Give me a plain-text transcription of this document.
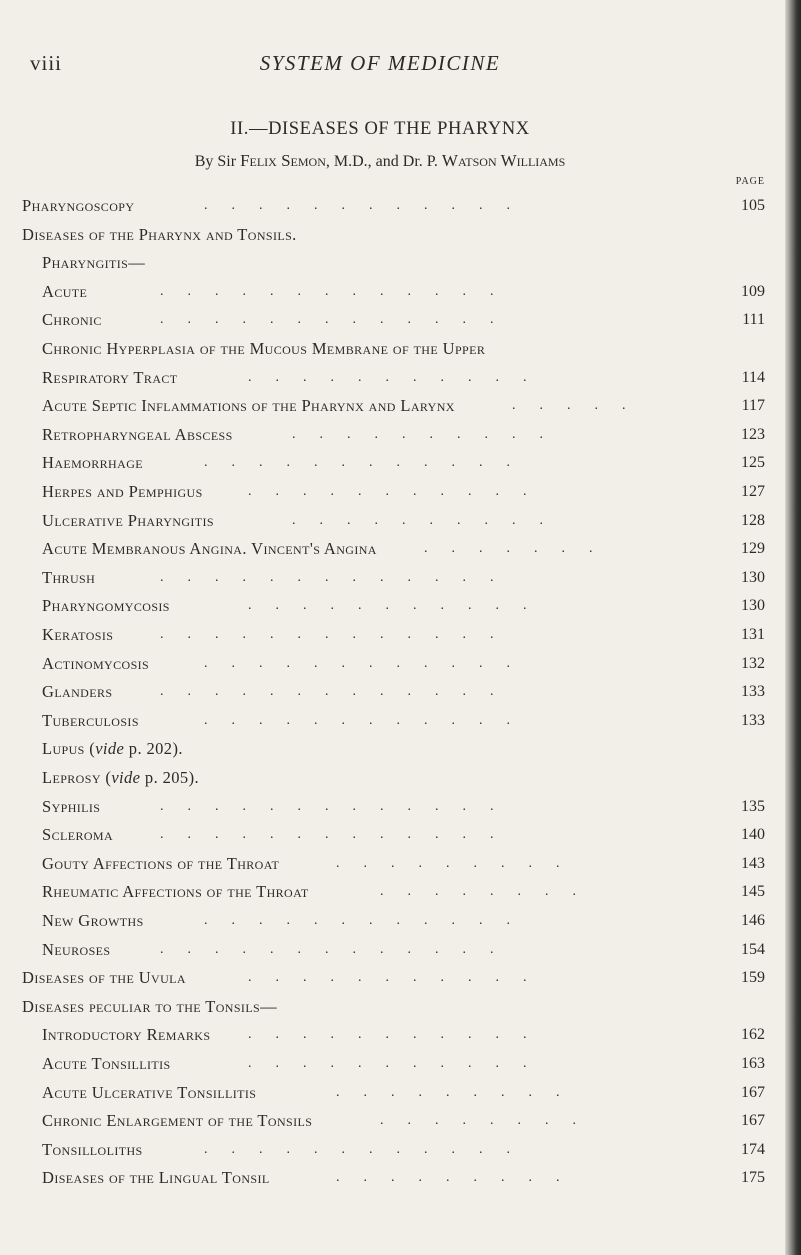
SYSTEM OF MEDICINE
viii
II.—DISEASES OF THE PHARYNX
By Sir Felix Semon, M.D., and Dr. P. Watson Williams
PAGE
Pharyngoscopy	............	105
Diseases of the Pharynx and Tonsils.
Pharyngitis—
Acute	.............	109
Chronic	.............	111
Chronic Hyperplasia of the Mucous Membrane of the Upper
Respiratory Tract	...........	114
Acute Septic Inflammations of the Pharynx and Larynx	.....	117
Retropharyngeal Abscess	..........	123
Haemorrhage	............	125
Herpes and Pemphigus	...........	127
Ulcerative Pharyngitis	..........	128
Acute Membranous Angina. Vincent's Angina	.......	129
Thrush	.............	130
Pharyngomycosis	...........	130
Keratosis	.............	131
Actinomycosis	............	132
Glanders	.............	133
Tuberculosis	............	133
Lupus (vide p. 202).
Leprosy (vide p. 205).
Syphilis	.............	135
Scleroma	.............	140
Gouty Affections of the Throat	.........	143
Rheumatic Affections of the Throat	........	145
New Growths	............	146
Neuroses	.............	154
Diseases of the Uvula	...........	159
Diseases peculiar to the Tonsils—
Introductory Remarks	...........	162
Acute Tonsillitis	...........	163
Acute Ulcerative Tonsillitis	.........	167
Chronic Enlargement of the Tonsils	........	167
Tonsilloliths	............	174
Diseases of the Lingual Tonsil	.........	175
